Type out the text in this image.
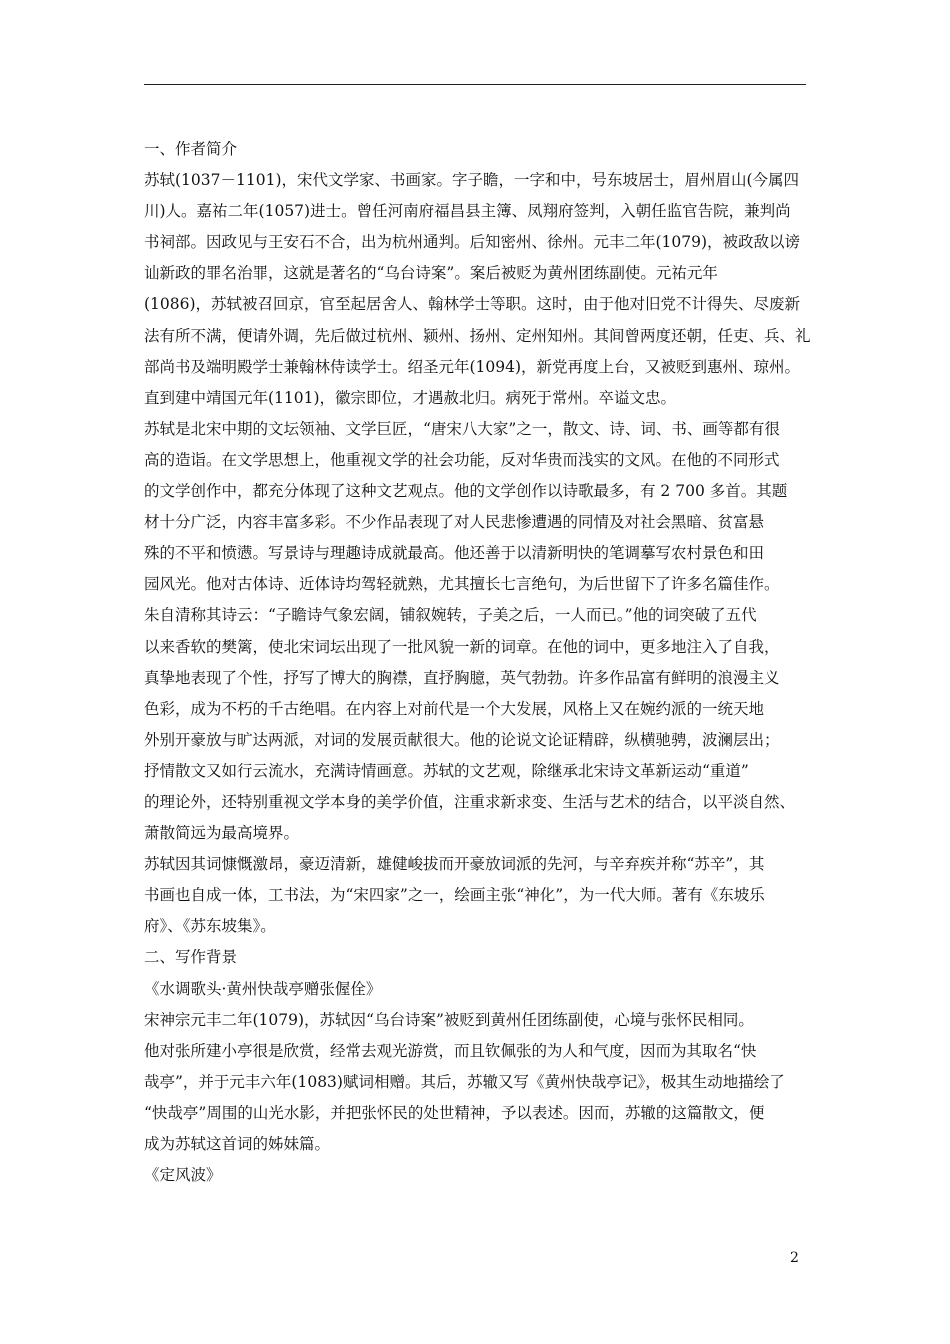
一、作者简介
苏轼(1037－1101)，宋代文学家、书画家。字子瞻，一字和中，号东坡居士，眉州眉山(今属四
川)人。嘉祐二年(1057)进士。曾任河南府福昌县主簿、凤翔府签判，入朝任监官告院，兼判尚
书祠部。因政见与王安石不合，出为杭州通判。后知密州、徐州。元丰二年(1079)，被政敌以谤
讪新政的罪名治罪，这就是著名的“乌台诗案”。案后被贬为黄州团练副使。元祐元年
(1086)，苏轼被召回京，官至起居舍人、翰林学士等职。这时，由于他对旧党不计得失、尽废新
法有所不满，便请外调，先后做过杭州、颍州、扬州、定州知州。其间曾两度还朝，任吏、兵、礼
部尚书及端明殿学士兼翰林侍读学士。绍圣元年(1094)，新党再度上台，又被贬到惠州、琼州。
直到建中靖国元年(1101)，徽宗即位，才遇赦北归。病死于常州。卒谥文忠。
苏轼是北宋中期的文坛领袖、文学巨匠，“唐宋八大家”之一，散文、诗、词、书、画等都有很
高的造诣。在文学思想上，他重视文学的社会功能，反对华贵而浅实的文风。在他的不同形式
的文学创作中，都充分体现了这种文艺观点。他的文学创作以诗歌最多，有 2 700 多首。其题
材十分广泛，内容丰富多彩。不少作品表现了对人民悲惨遭遇的同情及对社会黑暗、贫富悬
殊的不平和愤懑。写景诗与理趣诗成就最高。他还善于以清新明快的笔调摹写农村景色和田
园风光。他对古体诗、近体诗均驾轻就熟，尤其擅长七言绝句，为后世留下了许多名篇佳作。
朱自清称其诗云：“子瞻诗气象宏阔，铺叙婉转，子美之后，一人而已。”他的词突破了五代
以来香软的樊篱，使北宋词坛出现了一批风貌一新的词章。在他的词中，更多地注入了自我，
真挚地表现了个性，抒写了博大的胸襟，直抒胸臆，英气勃勃。许多作品富有鲜明的浪漫主义
色彩，成为不朽的千古绝唱。在内容上对前代是一个大发展，风格上又在婉约派的一统天地
外别开豪放与旷达两派，对词的发展贡献很大。他的论说文论证精辟，纵横驰骋，波澜层出；
抒情散文又如行云流水，充满诗情画意。苏轼的文艺观，除继承北宋诗文革新运动“重道”
的理论外，还特别重视文学本身的美学价值，注重求新求变、生活与艺术的结合，以平淡自然、
萧散简远为最高境界。
苏轼因其词慷慨激昂，豪迈清新，雄健峻拔而开豪放词派的先河，与辛弃疾并称“苏辛”，其
书画也自成一体，工书法，为“宋四家”之一，绘画主张“神化”，为一代大师。著有《东坡乐
府》、《苏东坡集》。
二、写作背景
《水调歌头·黄州快哉亭赠张偓佺》
宋神宗元丰二年(1079)，苏轼因“乌台诗案”被贬到黄州任团练副使，心境与张怀民相同。
他对张所建小亭很是欣赏，经常去观光游赏，而且钦佩张的为人和气度，因而为其取名“快
哉亭”，并于元丰六年(1083)赋词相赠。其后，苏辙又写《黄州快哉亭记》，极其生动地描绘了
“快哉亭”周围的山光水影，并把张怀民的处世精神，予以表述。因而，苏辙的这篇散文，便
成为苏轼这首词的姊妹篇。
《定风波》
2
